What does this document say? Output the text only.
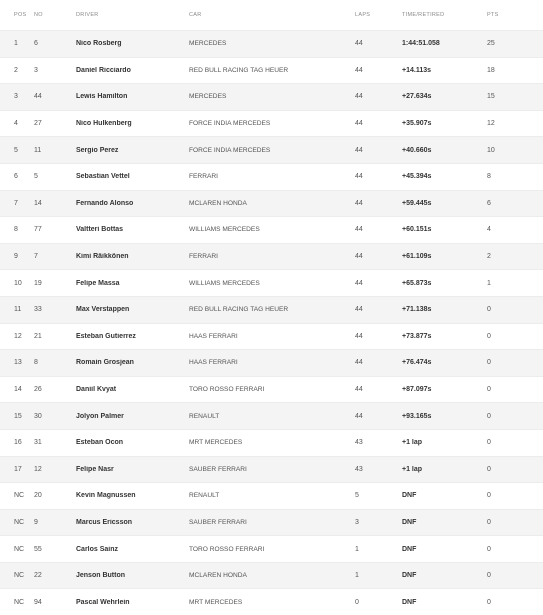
POS	NO	DRIVER	CAR	LAPS	TIME/RETIRED	PTS
1	6	Nico Rosberg	MERCEDES	44	1:44:51.058	25
2	3	Daniel Ricciardo	RED BULL RACING TAG HEUER	44	+14.113s	18
3	44	Lewis Hamilton	MERCEDES	44	+27.634s	15
4	27	Nico Hulkenberg	FORCE INDIA MERCEDES	44	+35.907s	12
5	11	Sergio Perez	FORCE INDIA MERCEDES	44	+40.660s	10
6	5	Sebastian Vettel	FERRARI	44	+45.394s	8
7	14	Fernando Alonso	MCLAREN HONDA	44	+59.445s	6
8	77	Valtteri Bottas	WILLIAMS MERCEDES	44	+60.151s	4
9	7	Kimi Räikkönen	FERRARI	44	+61.109s	2
10	19	Felipe Massa	WILLIAMS MERCEDES	44	+65.873s	1
11	33	Max Verstappen	RED BULL RACING TAG HEUER	44	+71.138s	0
12	21	Esteban Gutierrez	HAAS FERRARI	44	+73.877s	0
13	8	Romain Grosjean	HAAS FERRARI	44	+76.474s	0
14	26	Daniil Kvyat	TORO ROSSO FERRARI	44	+87.097s	0
15	30	Jolyon Palmer	RENAULT	44	+93.165s	0
16	31	Esteban Ocon	MRT MERCEDES	43	+1 lap	0
17	12	Felipe Nasr	SAUBER FERRARI	43	+1 lap	0
NC	20	Kevin Magnussen	RENAULT	5	DNF	0
NC	9	Marcus Ericsson	SAUBER FERRARI	3	DNF	0
NC	55	Carlos Sainz	TORO ROSSO FERRARI	1	DNF	0
NC	22	Jenson Button	MCLAREN HONDA	1	DNF	0
NC	94	Pascal Wehrlein	MRT MERCEDES	0	DNF	0
